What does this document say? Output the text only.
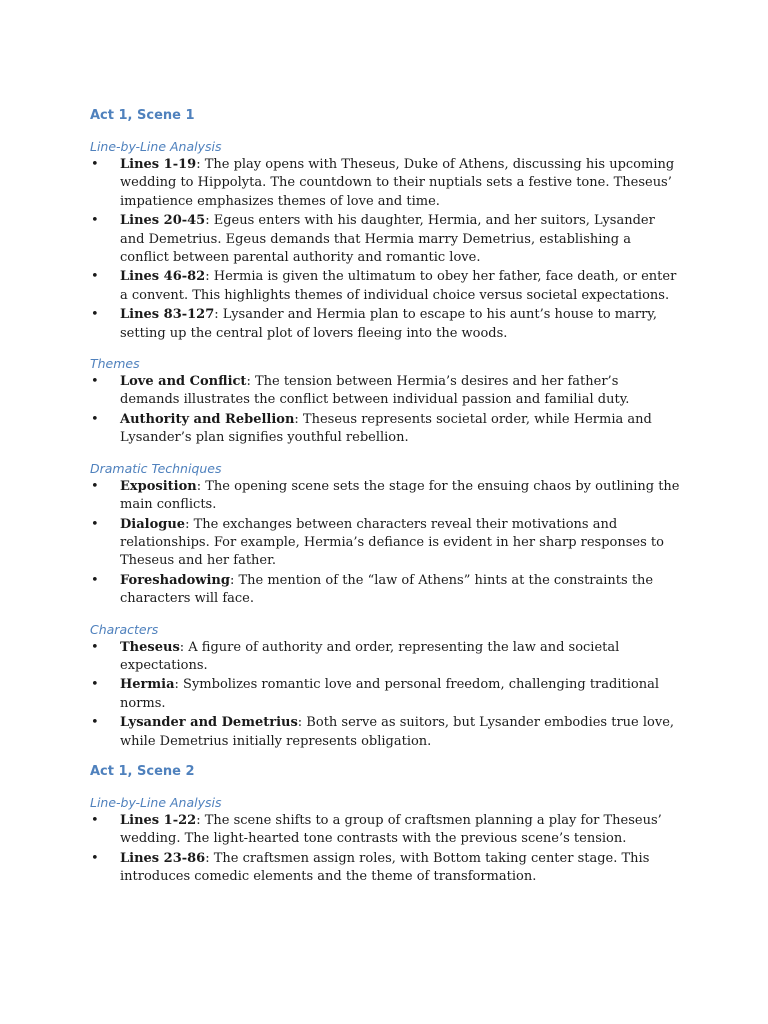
Act 1, Scene 1
Line-by-Line Analysis
•	Lines 1-19: The play opens with Theseus, Duke of Athens, discussing his upcoming wedding to Hippolyta. The countdown to their nuptials sets a festive tone. Theseus’ impatience emphasizes themes of love and time.
•	Lines 20-45: Egeus enters with his daughter, Hermia, and her suitors, Lysander and Demetrius. Egeus demands that Hermia marry Demetrius, establishing a conflict between parental authority and romantic love.
•	Lines 46-82: Hermia is given the ultimatum to obey her father, face death, or enter a convent. This highlights themes of individual choice versus societal expectations.
•	Lines 83-127: Lysander and Hermia plan to escape to his aunt’s house to marry, setting up the central plot of lovers fleeing into the woods.
Themes
•	Love and Conflict: The tension between Hermia’s desires and her father’s demands illustrates the conflict between individual passion and familial duty.
•	Authority and Rebellion: Theseus represents societal order, while Hermia and Lysander’s plan signifies youthful rebellion.
Dramatic Techniques
•	Exposition: The opening scene sets the stage for the ensuing chaos by outlining the main conflicts.
•	Dialogue: The exchanges between characters reveal their motivations and relationships. For example, Hermia’s defiance is evident in her sharp responses to Theseus and her father.
•	Foreshadowing: The mention of the “law of Athens” hints at the constraints the characters will face.
Characters
•	Theseus: A figure of authority and order, representing the law and societal expectations.
•	Hermia: Symbolizes romantic love and personal freedom, challenging traditional norms.
•	Lysander and Demetrius: Both serve as suitors, but Lysander embodies true love, while Demetrius initially represents obligation.
Act 1, Scene 2
Line-by-Line Analysis
•	Lines 1-22: The scene shifts to a group of craftsmen planning a play for Theseus’ wedding. The light-hearted tone contrasts with the previous scene’s tension.
•	Lines 23-86: The craftsmen assign roles, with Bottom taking center stage. This introduces comedic elements and the theme of transformation.
